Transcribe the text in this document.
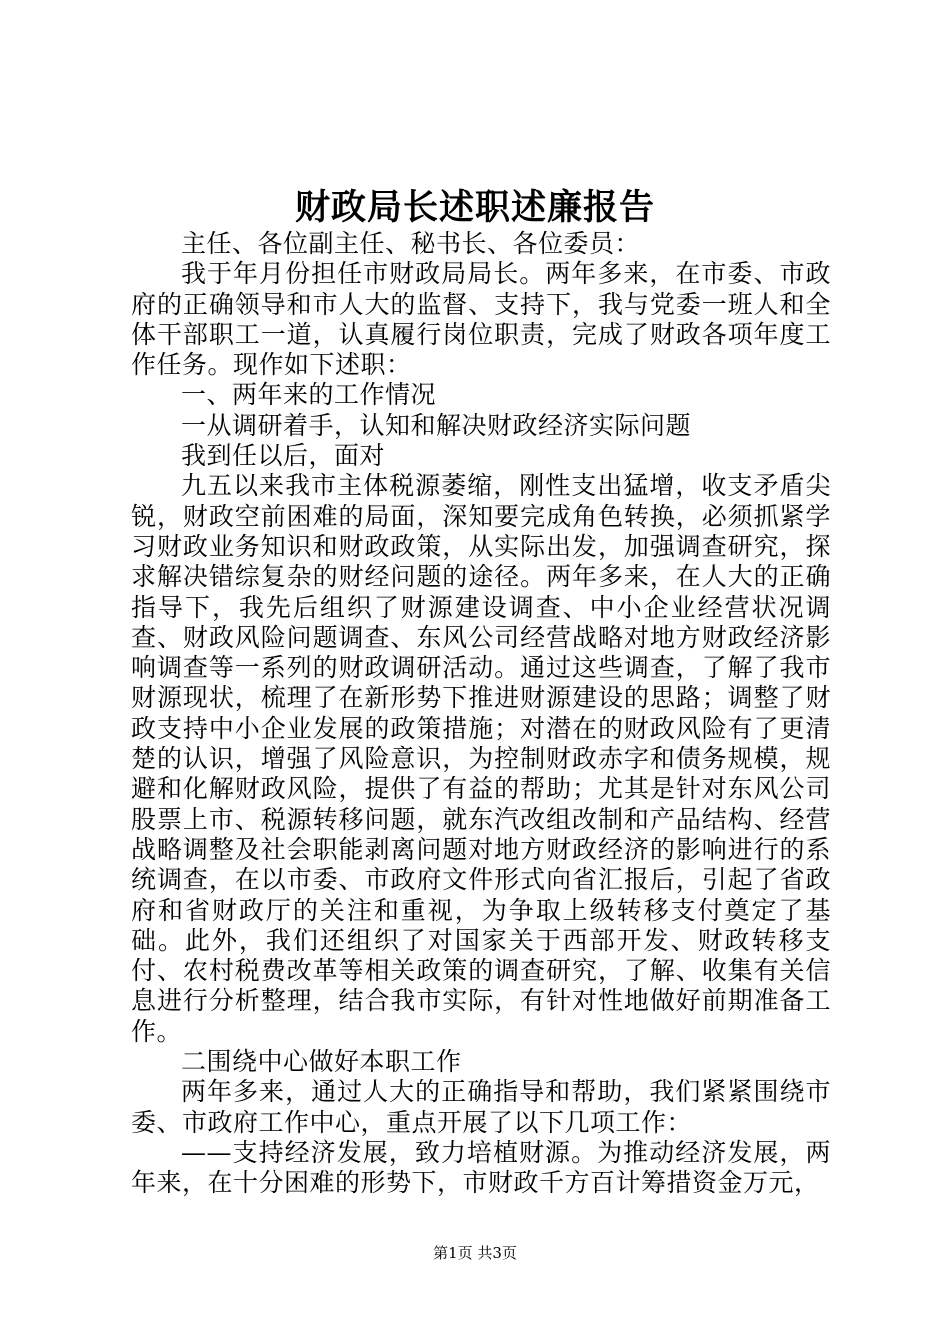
财政局长述职述廉报告

主任、各位副主任、秘书长、各位委员：

我于年月份担任市财政局局长。两年多来，在市委、市政府的正确领导和市人大的监督、支持下，我与党委一班人和全体干部职工一道，认真履行岗位职责，完成了财政各项年度工作任务。现作如下述职：

一、两年来的工作情况

一从调研着手，认知和解决财政经济实际问题

我到任以后，面对

九五以来我市主体税源萎缩，刚性支出猛增，收支矛盾尖锐，财政空前困难的局面，深知要完成角色转换，必须抓紧学习财政业务知识和财政政策，从实际出发，加强调查研究，探求解决错综复杂的财经问题的途径。两年多来，在人大的正确指导下，我先后组织了财源建设调查、中小企业经营状况调查、财政风险问题调查、东风公司经营战略对地方财政经济影响调查等一系列的财政调研活动。通过这些调查，了解了我市财源现状，梳理了在新形势下推进财源建设的思路；调整了财政支持中小企业发展的政策措施；对潜在的财政风险有了更清楚的认识，增强了风险意识，为控制财政赤字和债务规模，规避和化解财政风险，提供了有益的帮助；尤其是针对东风公司股票上市、税源转移问题，就东汽改组改制和产品结构、经营战略调整及社会职能剥离问题对地方财政经济的影响进行的系统调查，在以市委、市政府文件形式向省汇报后，引起了省政府和省财政厅的关注和重视，为争取上级转移支付奠定了基础。此外，我们还组织了对国家关于西部开发、财政转移支付、农村税费改革等相关政策的调查研究，了解、收集有关信息进行分析整理，结合我市实际，有针对性地做好前期准备工作。

二围绕中心做好本职工作

两年多来，通过人大的正确指导和帮助，我们紧紧围绕市委、市政府工作中心，重点开展了以下几项工作：

——支持经济发展，致力培植财源。为推动经济发展，两年来，在十分困难的形势下，市财政千方百计筹措资金万元，

第1页 共3页
